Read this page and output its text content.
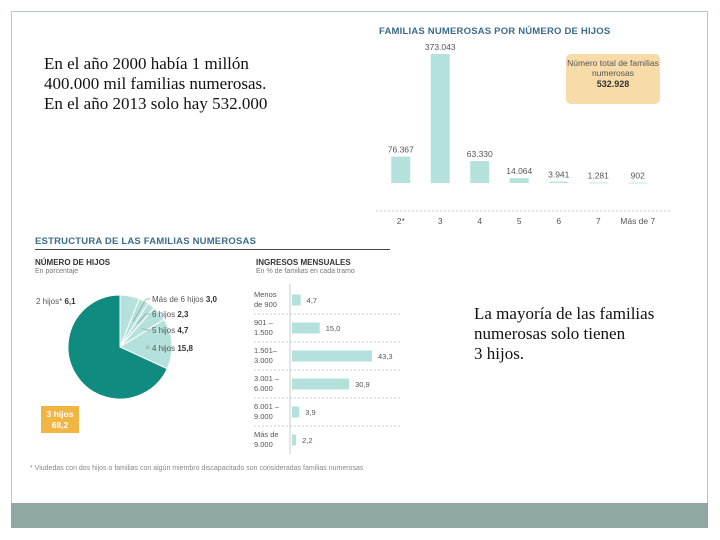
En el año 2000 había 1 millón
400.000 mil familias numerosas.
En el año 2013 solo hay 532.000
FAMILIAS NUMEROSAS POR NÚMERO DE HIJOS
Número total de familias numerosas
532.928
76.367
2*
373.043
3
63.330
4
14.064
5
3.941
6
1.281
7
902
Más de 7
ESTRUCTURA DE LAS FAMILIAS NUMEROSAS
NÚMERO DE HIJOS
En porcentaje
INGRESOS MENSUALES
En % de familias en cada tramo
2 hijos* 6,1	Más de 6 hijos 3,0
6 hijos 2,3
5 hijos 4,7
4 hijos 15,8
3 hijos
68,2
Menos
de 900	4,7
901 –
1.500	15,0
1.501–
3.000	43,3
3.001 –
6.000	30,9
6.001 –
9.000	3,9
Más de
9.000	2,2
* Viudedas con dos hijos o familias con algún miembro discapacitado son consideradas familias numerosas
La mayoría de las familias
numerosas solo tienen
3 hijos.
